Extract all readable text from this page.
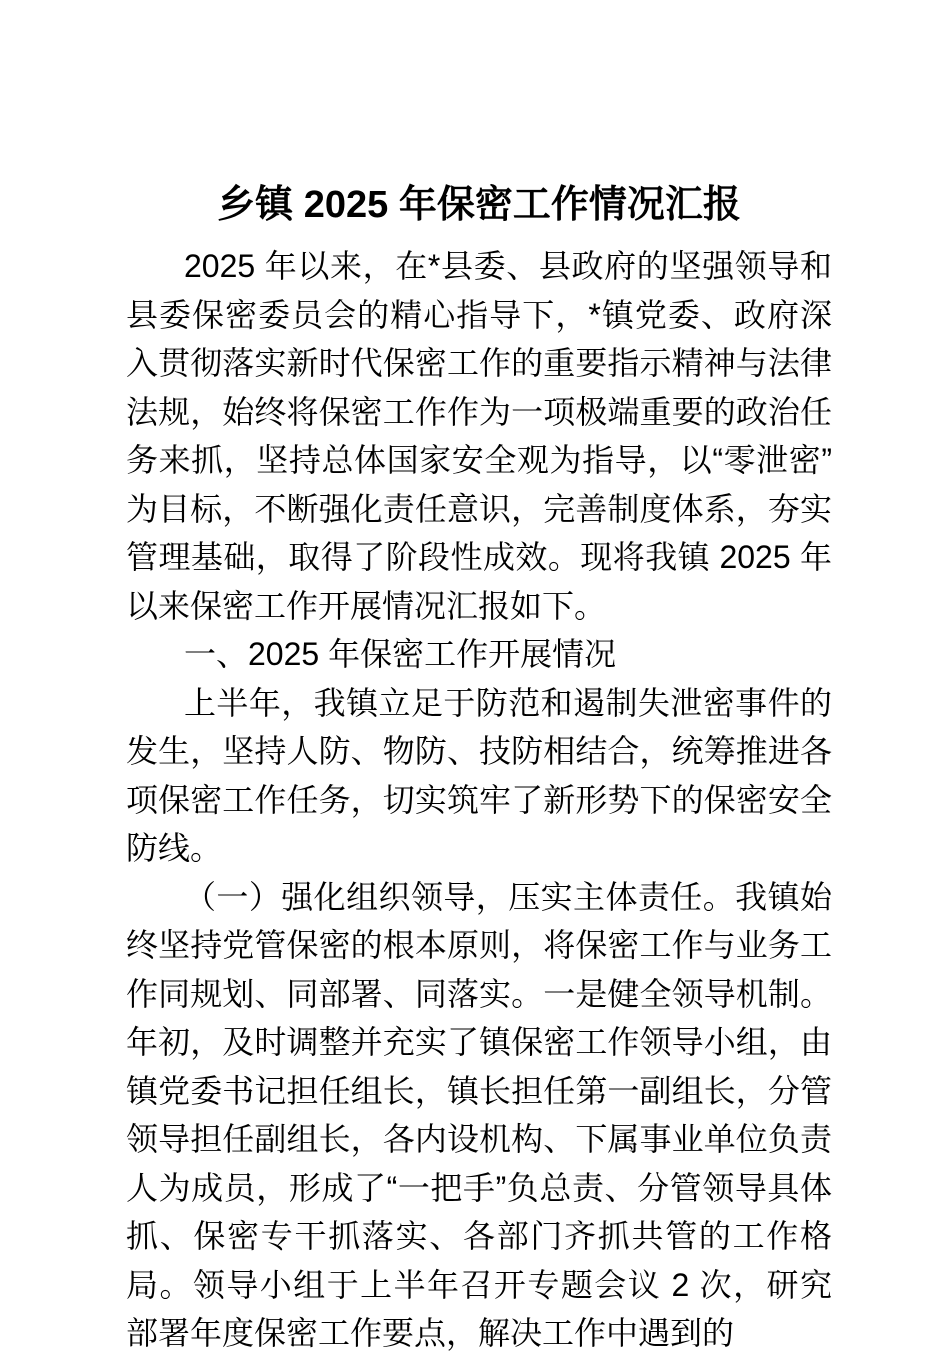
乡镇 2025 年保密工作情况汇报

2025 年以来，在*县委、县政府的坚强领导和县委保密委员会的精心指导下，*镇党委、政府深入贯彻落实新时代保密工作的重要指示精神与法律法规，始终将保密工作作为一项极端重要的政治任务来抓，坚持总体国家安全观为指导，以“零泄密”为目标，不断强化责任意识，完善制度体系，夯实管理基础，取得了阶段性成效。现将我镇 2025 年以来保密工作开展情况汇报如下。

一、2025 年保密工作开展情况

上半年，我镇立足于防范和遏制失泄密事件的发生，坚持人防、物防、技防相结合，统筹推进各项保密工作任务，切实筑牢了新形势下的保密安全防线。

（一）强化组织领导，压实主体责任。我镇始终坚持党管保密的根本原则，将保密工作与业务工作同规划、同部署、同落实。一是健全领导机制。年初，及时调整并充实了镇保密工作领导小组，由镇党委书记担任组长，镇长担任第一副组长，分管领导担任副组长，各内设机构、下属事业单位负责人为成员，形成了“一把手”负总责、分管领导具体抓、保密专干抓落实、各部门齐抓共管的工作格局。领导小组于上半年召开专题会议 2 次，研究部署年度保密工作要点，解决工作中遇到的
